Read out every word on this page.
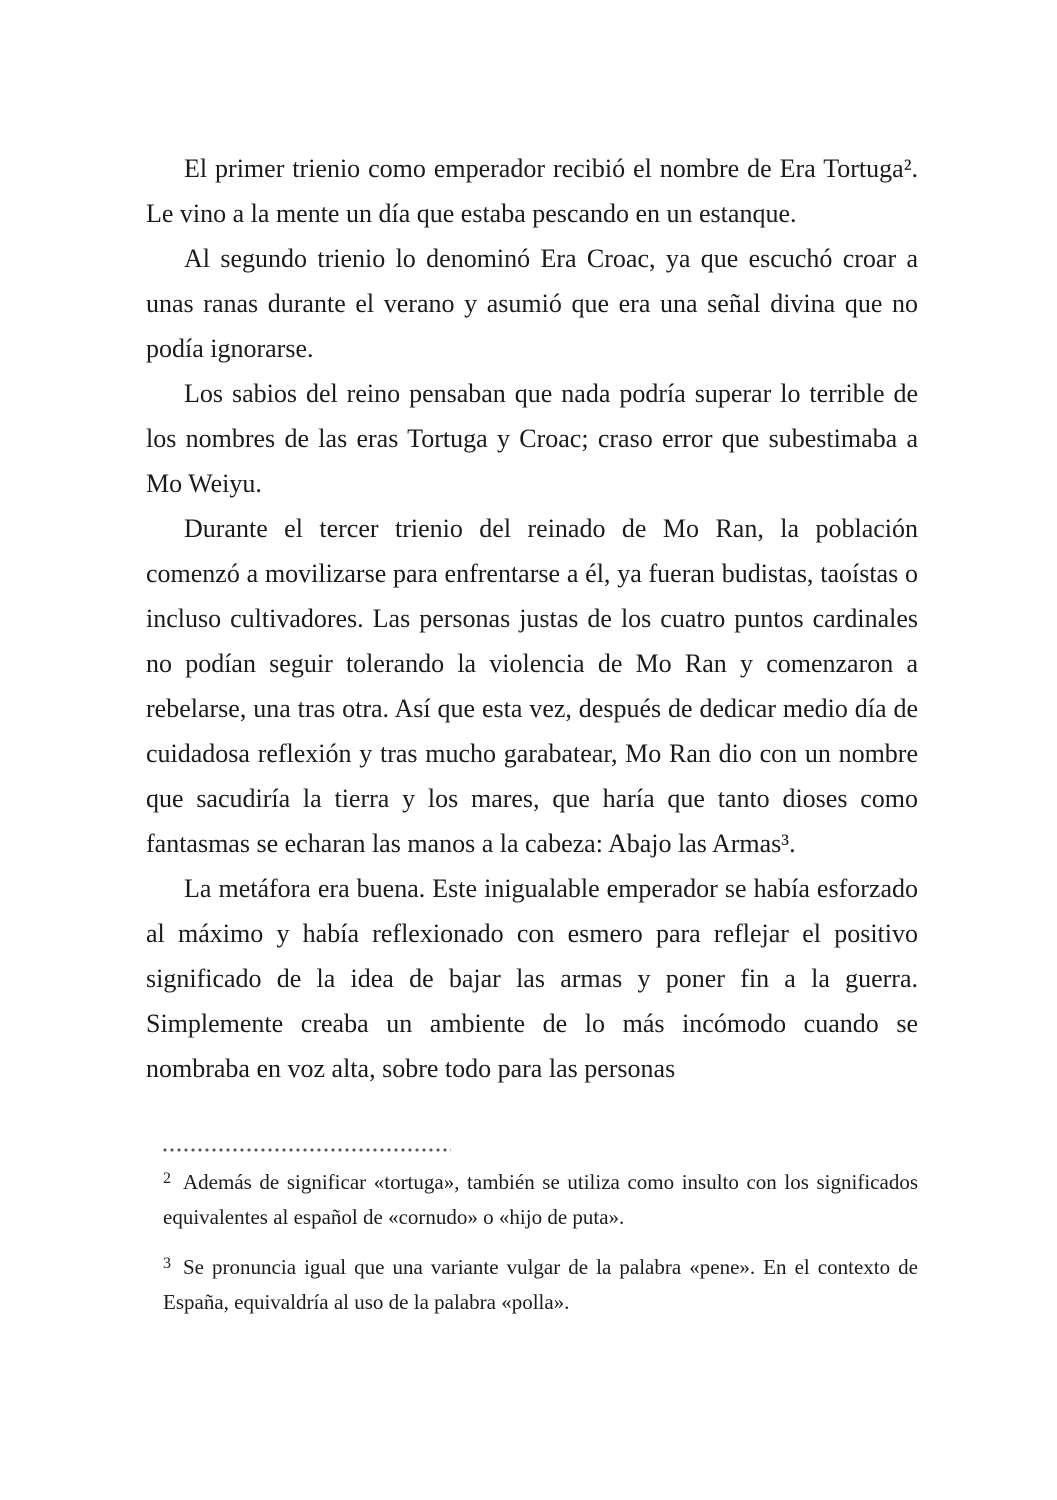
El primer trienio como emperador recibió el nombre de Era Tortuga². Le vino a la mente un día que estaba pescando en un estanque.

Al segundo trienio lo denominó Era Croac, ya que escuchó croar a unas ranas durante el verano y asumió que era una señal divina que no podía ignorarse.

Los sabios del reino pensaban que nada podría superar lo terrible de los nombres de las eras Tortuga y Croac; craso error que subestimaba a Mo Weiyu.

Durante el tercer trienio del reinado de Mo Ran, la población comenzó a movilizarse para enfrentarse a él, ya fueran budistas, taoístas o incluso cultivadores. Las personas justas de los cuatro puntos cardinales no podían seguir tolerando la violencia de Mo Ran y comenzaron a rebelarse, una tras otra. Así que esta vez, después de dedicar medio día de cuidadosa reflexión y tras mucho garabatear, Mo Ran dio con un nombre que sacudiría la tierra y los mares, que haría que tanto dioses como fantasmas se echaran las manos a la cabeza: Abajo las Armas³.

La metáfora era buena. Este inigualable emperador se había esforzado al máximo y había reflexionado con esmero para reflejar el positivo significado de la idea de bajar las armas y poner fin a la guerra. Simplemente creaba un ambiente de lo más incómodo cuando se nombraba en voz alta, sobre todo para las personas

2 Además de significar «tortuga», también se utiliza como insulto con los significados equivalentes al español de «cornudo» o «hijo de puta».
3 Se pronuncia igual que una variante vulgar de la palabra «pene». En el contexto de España, equivaldría al uso de la palabra «polla».
